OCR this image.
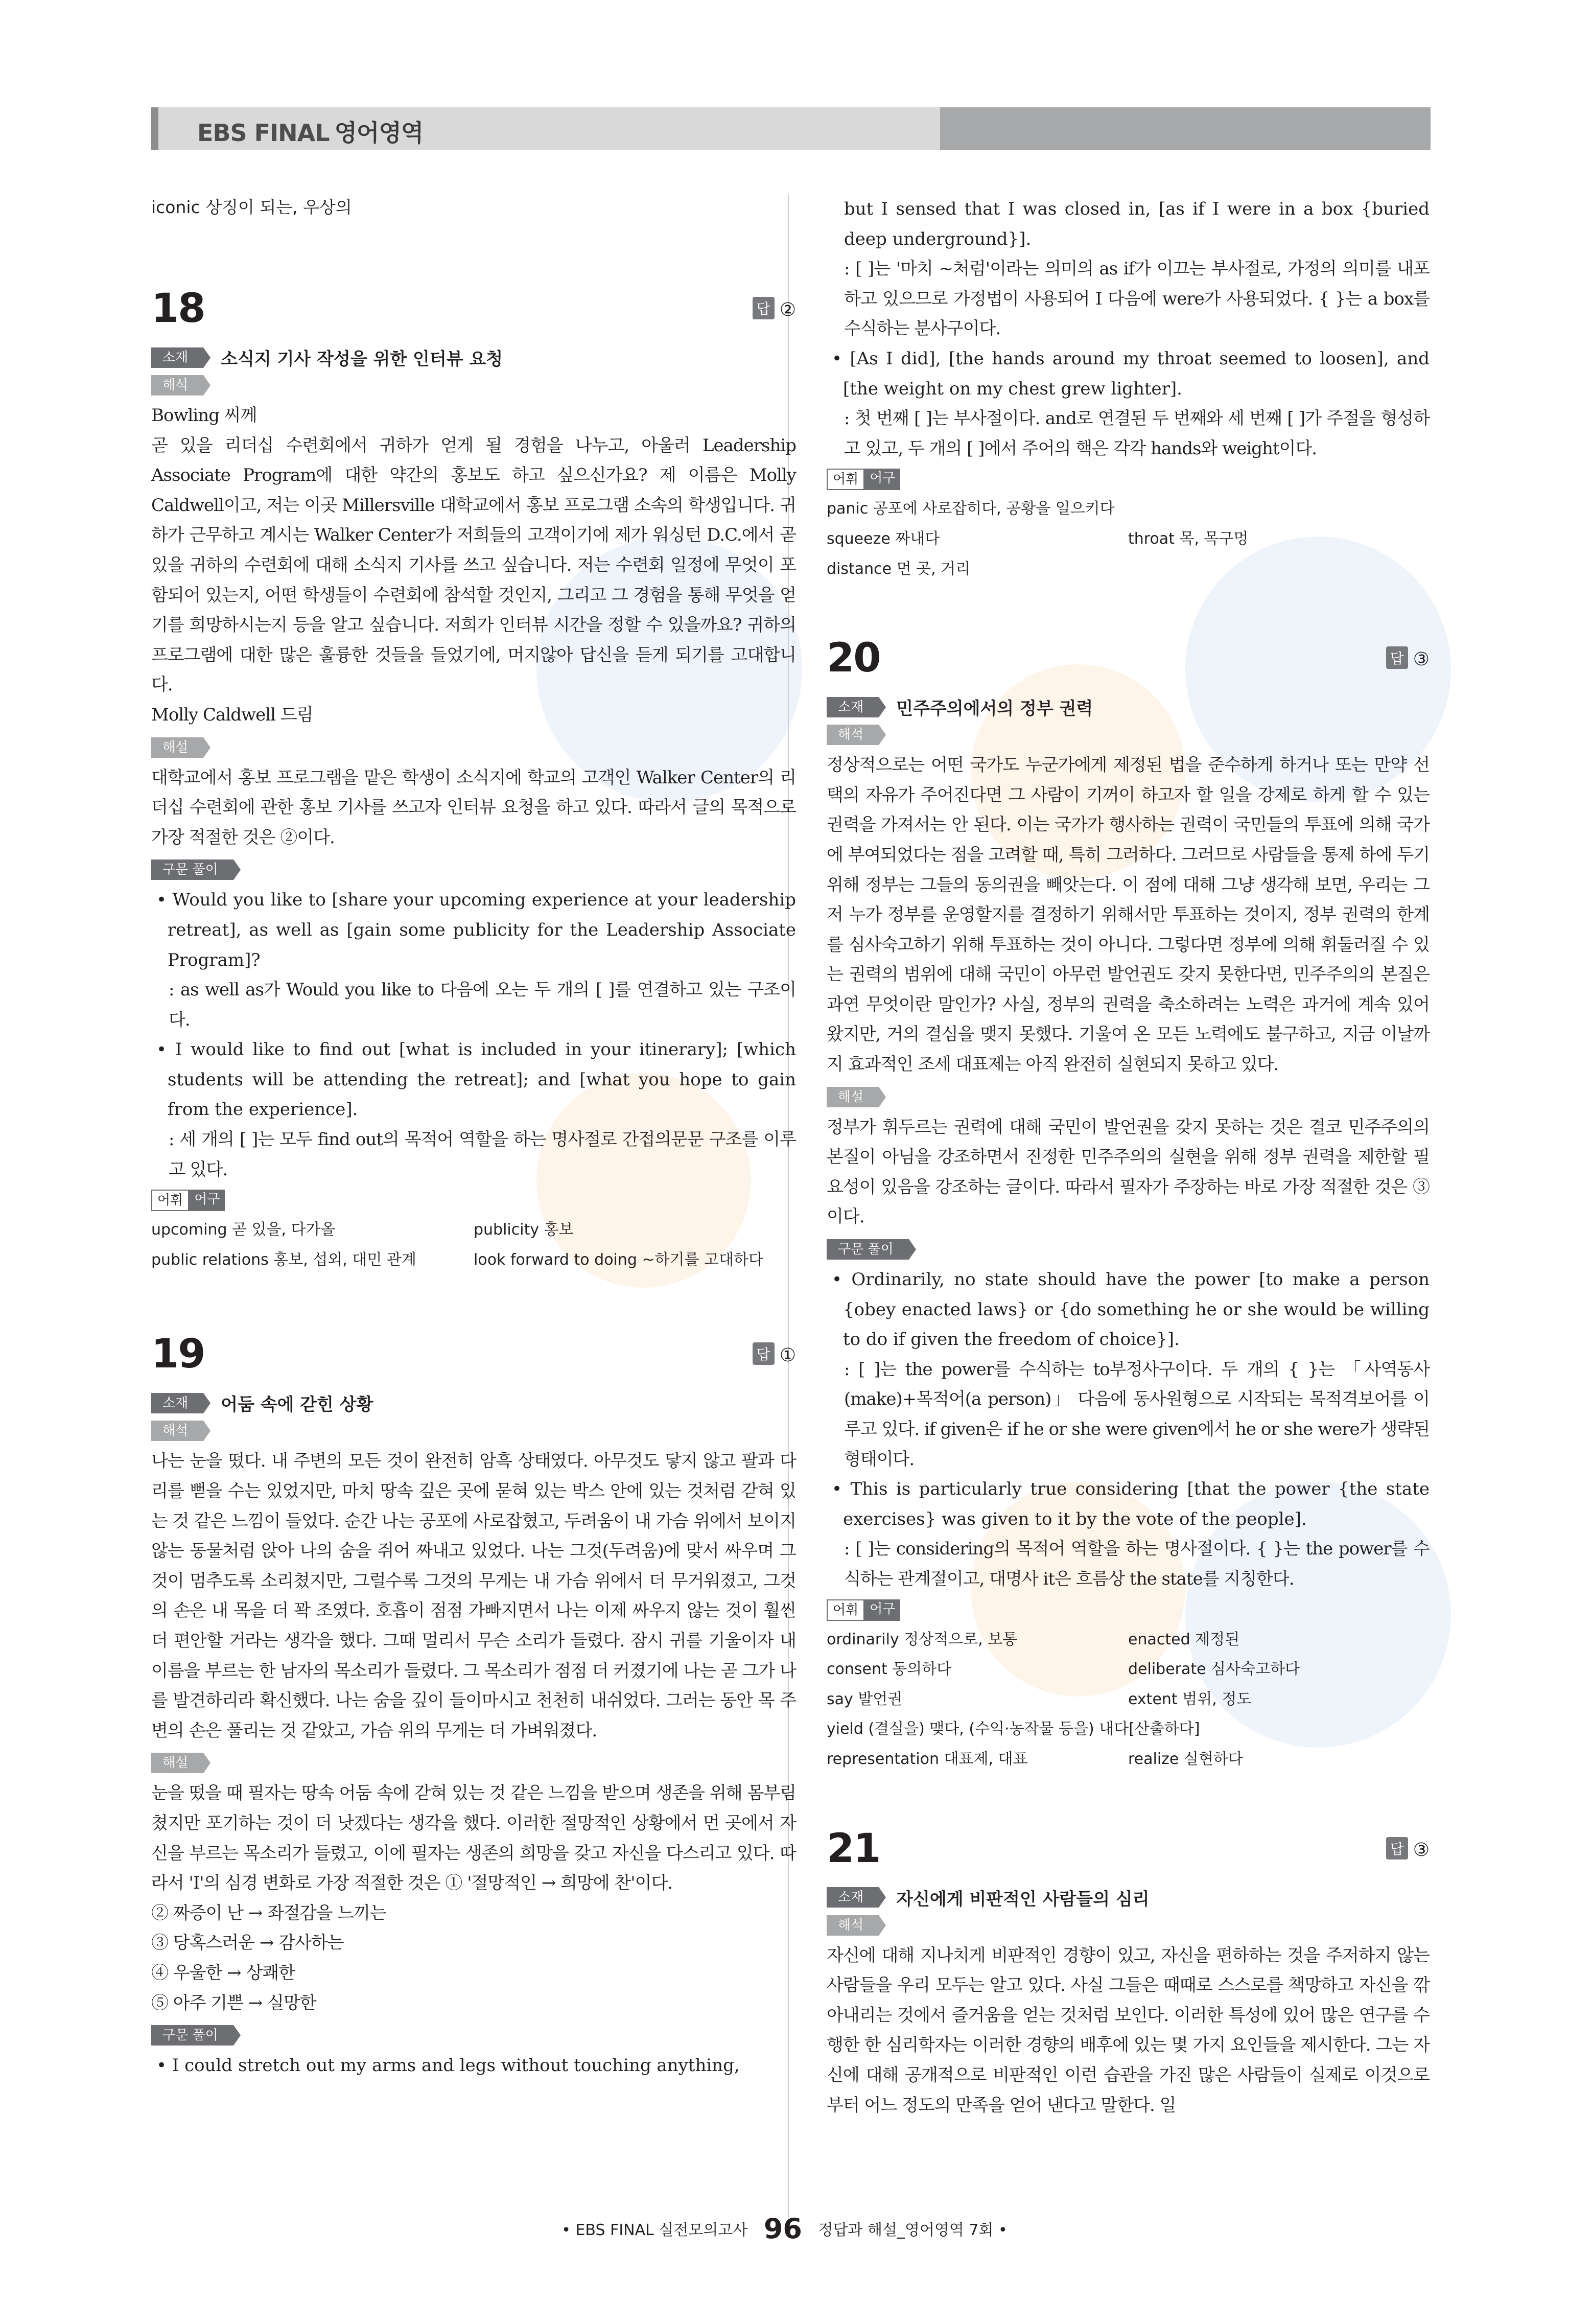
EBS FINAL 영어영역
iconic 상징이 되는, 우상의
18	답 ②
소재	소식지 기사 작성을 위한 인터뷰 요청
해석

Bowling 씨께

곧 있을 리더십 수련회에서 귀하가 얻게 될 경험을 나누고, 아울러 Leadership Associate Program에 대한 약간의 홍보도 하고 싶으신가요? 제 이름은 Molly Caldwell이고, 저는 이곳 Millersville 대학교에서 홍보 프로그램 소속의 학생입니다. 귀하가 근무하고 계시는 Walker Center가 저희들의 고객이기에 제가 워싱턴 D.C.에서 곧 있을 귀하의 수련회에 대해 소식지 기사를 쓰고 싶습니다. 저는 수련회 일정에 무엇이 포함되어 있는지, 어떤 학생들이 수련회에 참석할 것인지, 그리고 그 경험을 통해 무엇을 얻기를 희망하시는지 등을 알고 싶습니다. 저희가 인터뷰 시간을 정할 수 있을까요? 귀하의 프로그램에 대한 많은 훌륭한 것들을 들었기에, 머지않아 답신을 듣게 되기를 고대합니다.

Molly Caldwell 드림

해설

대학교에서 홍보 프로그램을 맡은 학생이 소식지에 학교의 고객인 Walker Center의 리더십 수련회에 관한 홍보 기사를 쓰고자 인터뷰 요청을 하고 있다. 따라서 글의 목적으로 가장 적절한 것은 ②이다.

구문 풀이

• Would you like to [share your upcoming experience at your leadership retreat], as well as [gain some publicity for the Leadership Associate Program]?

: as well as가 Would you like to 다음에 오는 두 개의 [ ]를 연결하고 있는 구조이다.

• I would like to find out [what is included in your itinerary]; [which students will be attending the retreat]; and [what you hope to gain from the experience].

: 세 개의 [ ]는 모두 find out의 목적어 역할을 하는 명사절로 간접의문문 구조를 이루고 있다.

어휘 어구
upcoming 곧 있을, 다가올	publicity 홍보
public relations 홍보, 섭외, 대민 관계	look forward to doing ~하기를 고대하다
19	답 ①
소재	어둠 속에 갇힌 상황
해석

나는 눈을 떴다. 내 주변의 모든 것이 완전히 암흑 상태였다. 아무것도 닿지 않고 팔과 다리를 뻗을 수는 있었지만, 마치 땅속 깊은 곳에 묻혀 있는 박스 안에 있는 것처럼 갇혀 있는 것 같은 느낌이 들었다. 순간 나는 공포에 사로잡혔고, 두려움이 내 가슴 위에서 보이지 않는 동물처럼 앉아 나의 숨을 쥐어 짜내고 있었다. 나는 그것(두려움)에 맞서 싸우며 그것이 멈추도록 소리쳤지만, 그럴수록 그것의 무게는 내 가슴 위에서 더 무거워졌고, 그것의 손은 내 목을 더 꽉 조였다. 호흡이 점점 가빠지면서 나는 이제 싸우지 않는 것이 훨씬 더 편안할 거라는 생각을 했다. 그때 멀리서 무슨 소리가 들렸다. 잠시 귀를 기울이자 내 이름을 부르는 한 남자의 목소리가 들렸다. 그 목소리가 점점 더 커졌기에 나는 곧 그가 나를 발견하리라 확신했다. 나는 숨을 깊이 들이마시고 천천히 내쉬었다. 그러는 동안 목 주변의 손은 풀리는 것 같았고, 가슴 위의 무게는 더 가벼워졌다.

해설

눈을 떴을 때 필자는 땅속 어둠 속에 갇혀 있는 것 같은 느낌을 받으며 생존을 위해 몸부림쳤지만 포기하는 것이 더 낫겠다는 생각을 했다. 이러한 절망적인 상황에서 먼 곳에서 자신을 부르는 목소리가 들렸고, 이에 필자는 생존의 희망을 갖고 자신을 다스리고 있다. 따라서 'I'의 심경 변화로 가장 적절한 것은 ① '절망적인 → 희망에 찬'이다.

② 짜증이 난 → 좌절감을 느끼는

③ 당혹스러운 → 감사하는

④ 우울한 → 상쾌한

⑤ 아주 기쁜 → 실망한

구문 풀이

• I could stretch out my arms and legs without touching anything,

but I sensed that I was closed in, [as if I were in a box {buried deep underground}].

: [ ]는 '마치 ~처럼'이라는 의미의 as if가 이끄는 부사절로, 가정의 의미를 내포하고 있으므로 가정법이 사용되어 I 다음에 were가 사용되었다. { }는 a box를 수식하는 분사구이다.

• [As I did], [the hands around my throat seemed to loosen], and [the weight on my chest grew lighter].

: 첫 번째 [ ]는 부사절이다. and로 연결된 두 번째와 세 번째 [ ]가 주절을 형성하고 있고, 두 개의 [ ]에서 주어의 핵은 각각 hands와 weight이다.

어휘 어구
panic 공포에 사로잡히다, 공황을 일으키다
squeeze 짜내다	throat 목, 목구멍
distance 먼 곳, 거리
20	답 ③
소재	민주주의에서의 정부 권력
해석

정상적으로는 어떤 국가도 누군가에게 제정된 법을 준수하게 하거나 또는 만약 선택의 자유가 주어진다면 그 사람이 기꺼이 하고자 할 일을 강제로 하게 할 수 있는 권력을 가져서는 안 된다. 이는 국가가 행사하는 권력이 국민들의 투표에 의해 국가에 부여되었다는 점을 고려할 때, 특히 그러하다. 그러므로 사람들을 통제 하에 두기 위해 정부는 그들의 동의권을 빼앗는다. 이 점에 대해 그냥 생각해 보면, 우리는 그저 누가 정부를 운영할지를 결정하기 위해서만 투표하는 것이지, 정부 권력의 한계를 심사숙고하기 위해 투표하는 것이 아니다. 그렇다면 정부에 의해 휘둘러질 수 있는 권력의 범위에 대해 국민이 아무런 발언권도 갖지 못한다면, 민주주의의 본질은 과연 무엇이란 말인가? 사실, 정부의 권력을 축소하려는 노력은 과거에 계속 있어 왔지만, 거의 결심을 맺지 못했다. 기울여 온 모든 노력에도 불구하고, 지금 이날까지 효과적인 조세 대표제는 아직 완전히 실현되지 못하고 있다.

해설

정부가 휘두르는 권력에 대해 국민이 발언권을 갖지 못하는 것은 결코 민주주의의 본질이 아님을 강조하면서 진정한 민주주의의 실현을 위해 정부 권력을 제한할 필요성이 있음을 강조하는 글이다. 따라서 필자가 주장하는 바로 가장 적절한 것은 ③이다.

구문 풀이

• Ordinarily, no state should have the power [to make a person {obey enacted laws} or {do something he or she would be willing to do if given the freedom of choice}].

: [ ]는 the power를 수식하는 to부정사구이다. 두 개의 { }는 「사역동사(make)+목적어(a person)」 다음에 동사원형으로 시작되는 목적격보어를 이루고 있다. if given은 if he or she were given에서 he or she were가 생략된 형태이다.

• This is particularly true considering [that the power {the state exercises} was given to it by the vote of the people].

: [ ]는 considering의 목적어 역할을 하는 명사절이다. { }는 the power를 수식하는 관계절이고, 대명사 it은 흐름상 the state를 지칭한다.

어휘 어구
ordinarily 정상적으로, 보통	enacted 제정된
consent 동의하다	deliberate 심사숙고하다
say 발언권	extent 범위, 정도
yield (결실을) 맺다, (수익·농작물 등을) 내다[산출하다]
representation 대표제, 대표	realize 실현하다
21	답 ③
소재	자신에게 비판적인 사람들의 심리
해석

자신에 대해 지나치게 비판적인 경향이 있고, 자신을 편하하는 것을 주저하지 않는 사람들을 우리 모두는 알고 있다. 사실 그들은 때때로 스스로를 책망하고 자신을 깎아내리는 것에서 즐거움을 얻는 것처럼 보인다. 이러한 특성에 있어 많은 연구를 수행한 한 심리학자는 이러한 경향의 배후에 있는 몇 가지 요인들을 제시한다. 그는 자신에 대해 공개적으로 비판적인 이런 습관을 가진 많은 사람들이 실제로 이것으로부터 어느 정도의 만족을 얻어 낸다고 말한다. 일

• EBS FINAL 실전모의고사 96 정답과 해설_영어영역 7회 •
